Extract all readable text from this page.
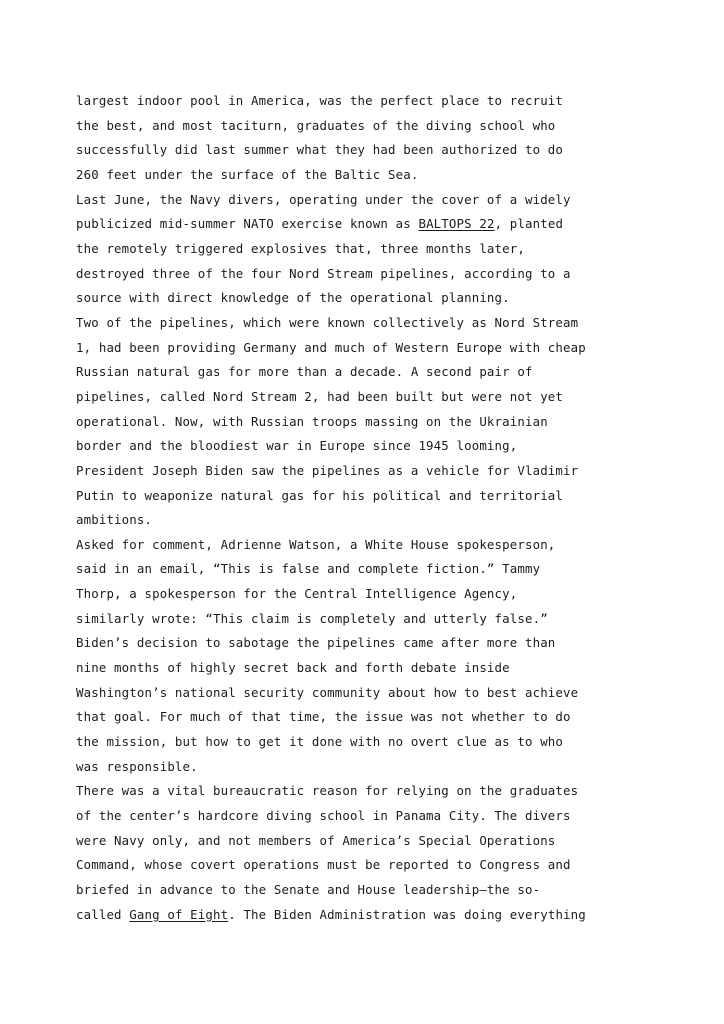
largest indoor pool in America, was the perfect place to recruit
the best, and most taciturn, graduates of the diving school who
successfully did last summer what they had been authorized to do
260 feet under the surface of the Baltic Sea.
Last June, the Navy divers, operating under the cover of a widely
publicized mid-summer NATO exercise known as BALTOPS 22, planted
the remotely triggered explosives that, three months later,
destroyed three of the four Nord Stream pipelines, according to a
source with direct knowledge of the operational planning.
Two of the pipelines, which were known collectively as Nord Stream
1, had been providing Germany and much of Western Europe with cheap
Russian natural gas for more than a decade. A second pair of
pipelines, called Nord Stream 2, had been built but were not yet
operational. Now, with Russian troops massing on the Ukrainian
border and the bloodiest war in Europe since 1945 looming,
President Joseph Biden saw the pipelines as a vehicle for Vladimir
Putin to weaponize natural gas for his political and territorial
ambitions.
Asked for comment, Adrienne Watson, a White House spokesperson,
said in an email, “This is false and complete fiction.” Tammy
Thorp, a spokesperson for the Central Intelligence Agency,
similarly wrote: “This claim is completely and utterly false.”
Biden’s decision to sabotage the pipelines came after more than
nine months of highly secret back and forth debate inside
Washington’s national security community about how to best achieve
that goal. For much of that time, the issue was not whether to do
the mission, but how to get it done with no overt clue as to who
was responsible.
There was a vital bureaucratic reason for relying on the graduates
of the center’s hardcore diving school in Panama City. The divers
were Navy only, and not members of America’s Special Operations
Command, whose covert operations must be reported to Congress and
briefed in advance to the Senate and House leadership—the so-
called Gang of Eight. The Biden Administration was doing everything
